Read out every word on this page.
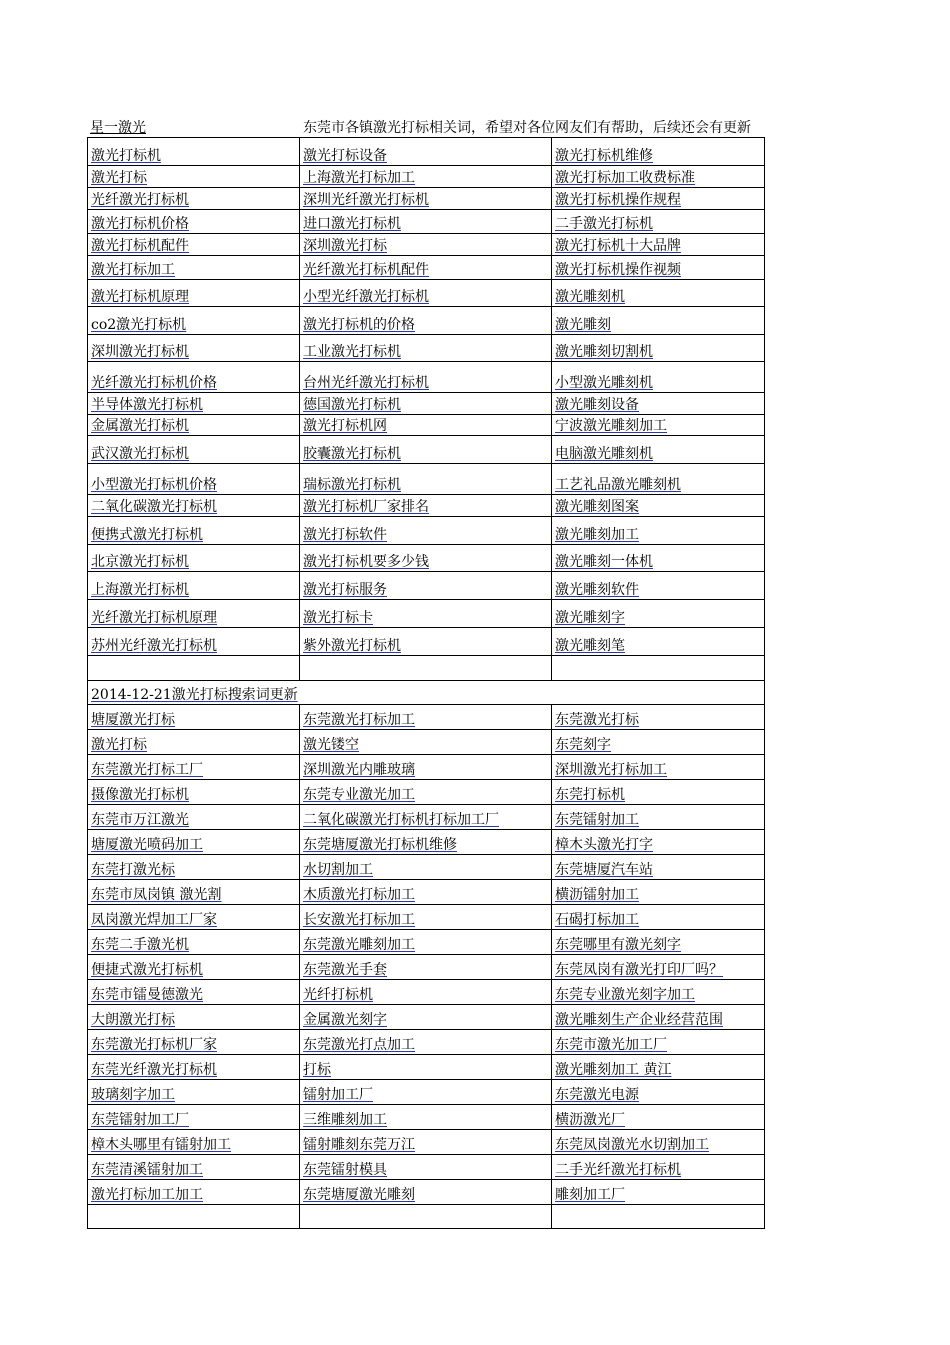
星一激光	东莞市各镇激光打标相关词，希望对各位网友们有帮助，后续还会有更新
激光打标机	激光打标设备	激光打标机维修
激光打标	上海激光打标加工	激光打标加工收费标准
光纤激光打标机	深圳光纤激光打标机	激光打标机操作规程
激光打标机价格	进口激光打标机	二手激光打标机
激光打标机配件	深圳激光打标	激光打标机十大品牌
激光打标加工	光纤激光打标机配件	激光打标机操作视频
激光打标机原理	小型光纤激光打标机	激光雕刻机
co2激光打标机	激光打标机的价格	激光雕刻
深圳激光打标机	工业激光打标机	激光雕刻切割机
光纤激光打标机价格	台州光纤激光打标机	小型激光雕刻机
半导体激光打标机	德国激光打标机	激光雕刻设备
金属激光打标机	激光打标机网	宁波激光雕刻加工
武汉激光打标机	胶囊激光打标机	电脑激光雕刻机
小型激光打标机价格	瑞标激光打标机	工艺礼品激光雕刻机
二氧化碳激光打标机	激光打标机厂家排名	激光雕刻图案
便携式激光打标机	激光打标软件	激光雕刻加工
北京激光打标机	激光打标机要多少钱	激光雕刻一体机
上海激光打标机	激光打标服务	激光雕刻软件
光纤激光打标机原理	激光打标卡	激光雕刻字
苏州光纤激光打标机	紫外激光打标机	激光雕刻笔

2014-12-21激光打标搜索词更新		
塘厦激光打标	东莞激光打标加工	东莞激光打标
激光打标	激光镂空	东莞刻字
东莞激光打标工厂	深圳激光内雕玻璃	深圳激光打标加工
摄像激光打标机	东莞专业激光加工	东莞打标机
东莞市万江激光	二氧化碳激光打标机打标加工厂	东莞镭射加工
塘厦激光喷码加工	东莞塘厦激光打标机维修	樟木头激光打字
东莞打激光标	水切割加工	东莞塘厦汽车站
东莞市凤岗镇 激光割	木质激光打标加工	横沥镭射加工
凤岗激光焊加工厂家	长安激光打标加工	石碣打标加工
东莞二手激光机	东莞激光雕刻加工	东莞哪里有激光刻字
便捷式激光打标机	东莞激光手套	东莞凤岗有激光打印厂吗？
东莞市镭曼德激光	光纤打标机	东莞专业激光刻字加工
大朗激光打标	金属激光刻字	激光雕刻生产企业经营范围
东莞激光打标机厂家	东莞激光打点加工	东莞市激光加工厂
东莞光纤激光打标机	打标	激光雕刻加工 黄江
玻璃刻字加工	镭射加工厂	东莞激光电源
东莞镭射加工厂	三维雕刻加工	横沥激光厂
樟木头哪里有镭射加工	镭射雕刻东莞万江	东莞凤岗激光水切割加工
东莞清溪镭射加工	东莞镭射模具	二手光纤激光打标机
激光打标加工加工	东莞塘厦激光雕刻	雕刻加工厂
